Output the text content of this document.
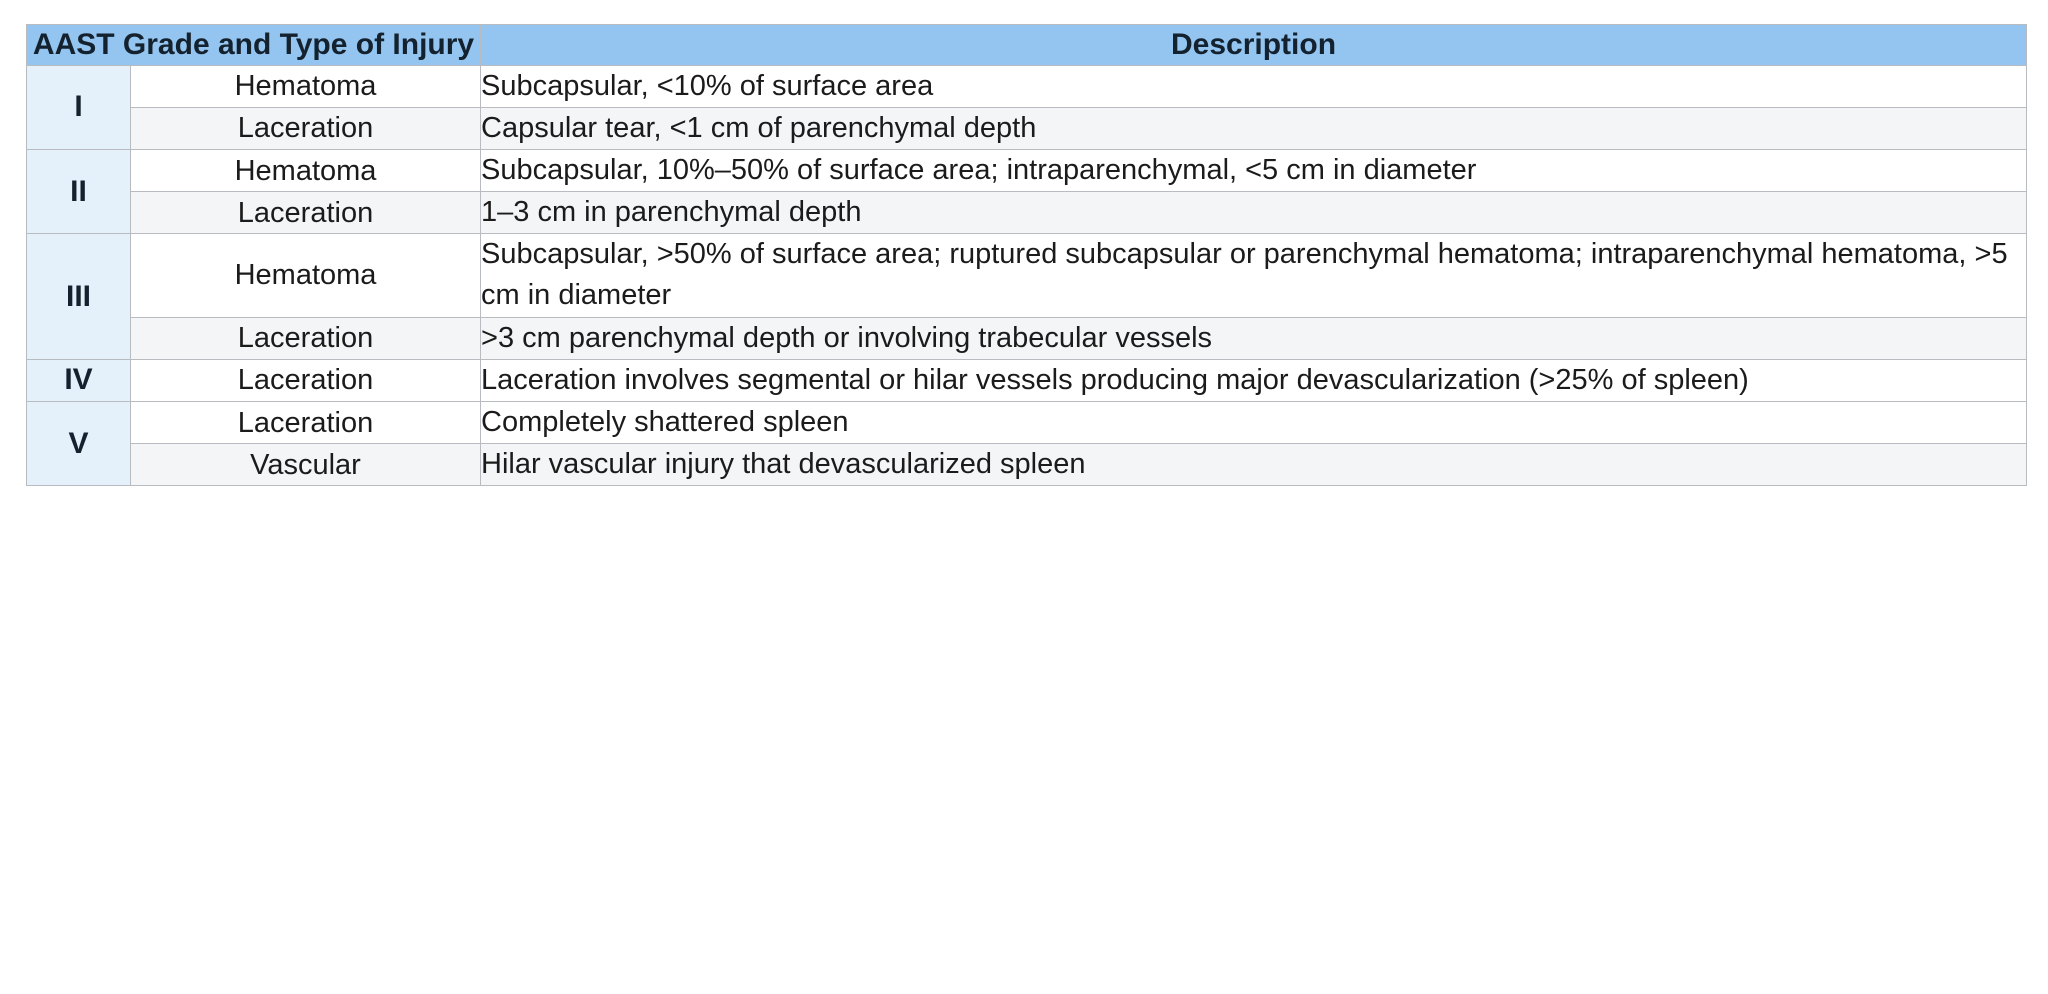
AAST Grade and Type of Injury		Description
I	Hematoma	Subcapsular, <10% of surface area
	Laceration	Capsular tear, <1 cm of parenchymal depth
II	Hematoma	Subcapsular, 10%–50% of surface area; intraparenchymal, <5 cm in diameter
	Laceration	1–3 cm in parenchymal depth
III	Hematoma	Subcapsular, >50% of surface area; ruptured subcapsular or parenchymal hematoma; intraparenchymal hematoma, >5 cm in diameter
	Laceration	>3 cm parenchymal depth or involving trabecular vessels
IV	Laceration	Laceration involves segmental or hilar vessels producing major devascularization (>25% of spleen)
V	Laceration	Completely shattered spleen
	Vascular	Hilar vascular injury that devascularized spleen
